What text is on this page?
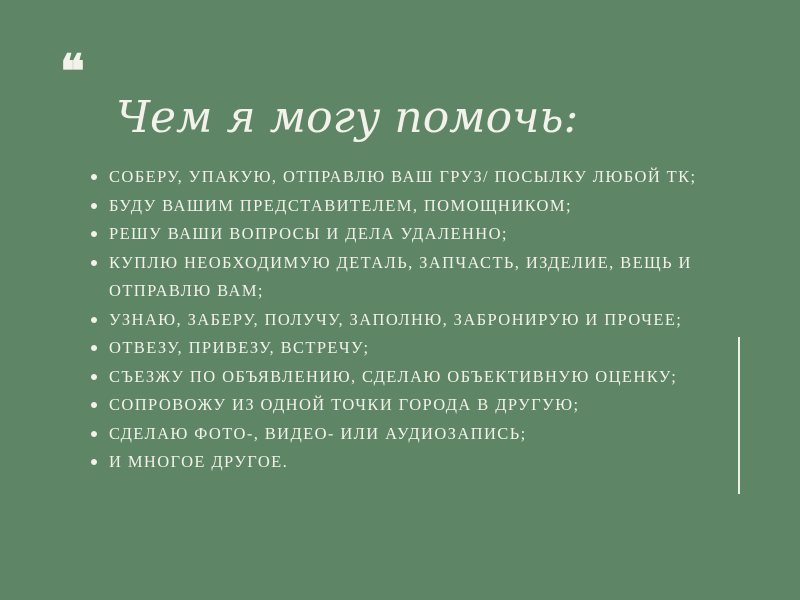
❝
Чем я могу помочь:
СОБЕРУ, УПАКУЮ, ОТПРАВЛЮ ВАШ ГРУЗ/ ПОСЫЛКУ ЛЮБОЙ ТК;
БУДУ ВАШИМ ПРЕДСТАВИТЕЛЕМ, ПОМОЩНИКОМ;
РЕШУ ВАШИ ВОПРОСЫ И ДЕЛА УДАЛЕННО;
КУПЛЮ НЕОБХОДИМУЮ ДЕТАЛЬ, ЗАПЧАСТЬ, ИЗДЕЛИЕ, ВЕЩЬ И ОТПРАВЛЮ ВАМ;
УЗНАЮ, ЗАБЕРУ, ПОЛУЧУ, ЗАПОЛНЮ, ЗАБРОНИРУЮ И ПРОЧЕЕ;
ОТВЕЗУ, ПРИВЕЗУ, ВСТРЕЧУ;
СЪЕЗЖУ ПО ОБЪЯВЛЕНИЮ, СДЕЛАЮ ОБЪЕКТИВНУЮ ОЦЕНКУ;
СОПРОВОЖУ ИЗ ОДНОЙ ТОЧКИ ГОРОДА В ДРУГУЮ;
СДЕЛАЮ ФОТО-, ВИДЕО- ИЛИ АУДИОЗАПИСЬ;
И МНОГОЕ ДРУГОЕ.
